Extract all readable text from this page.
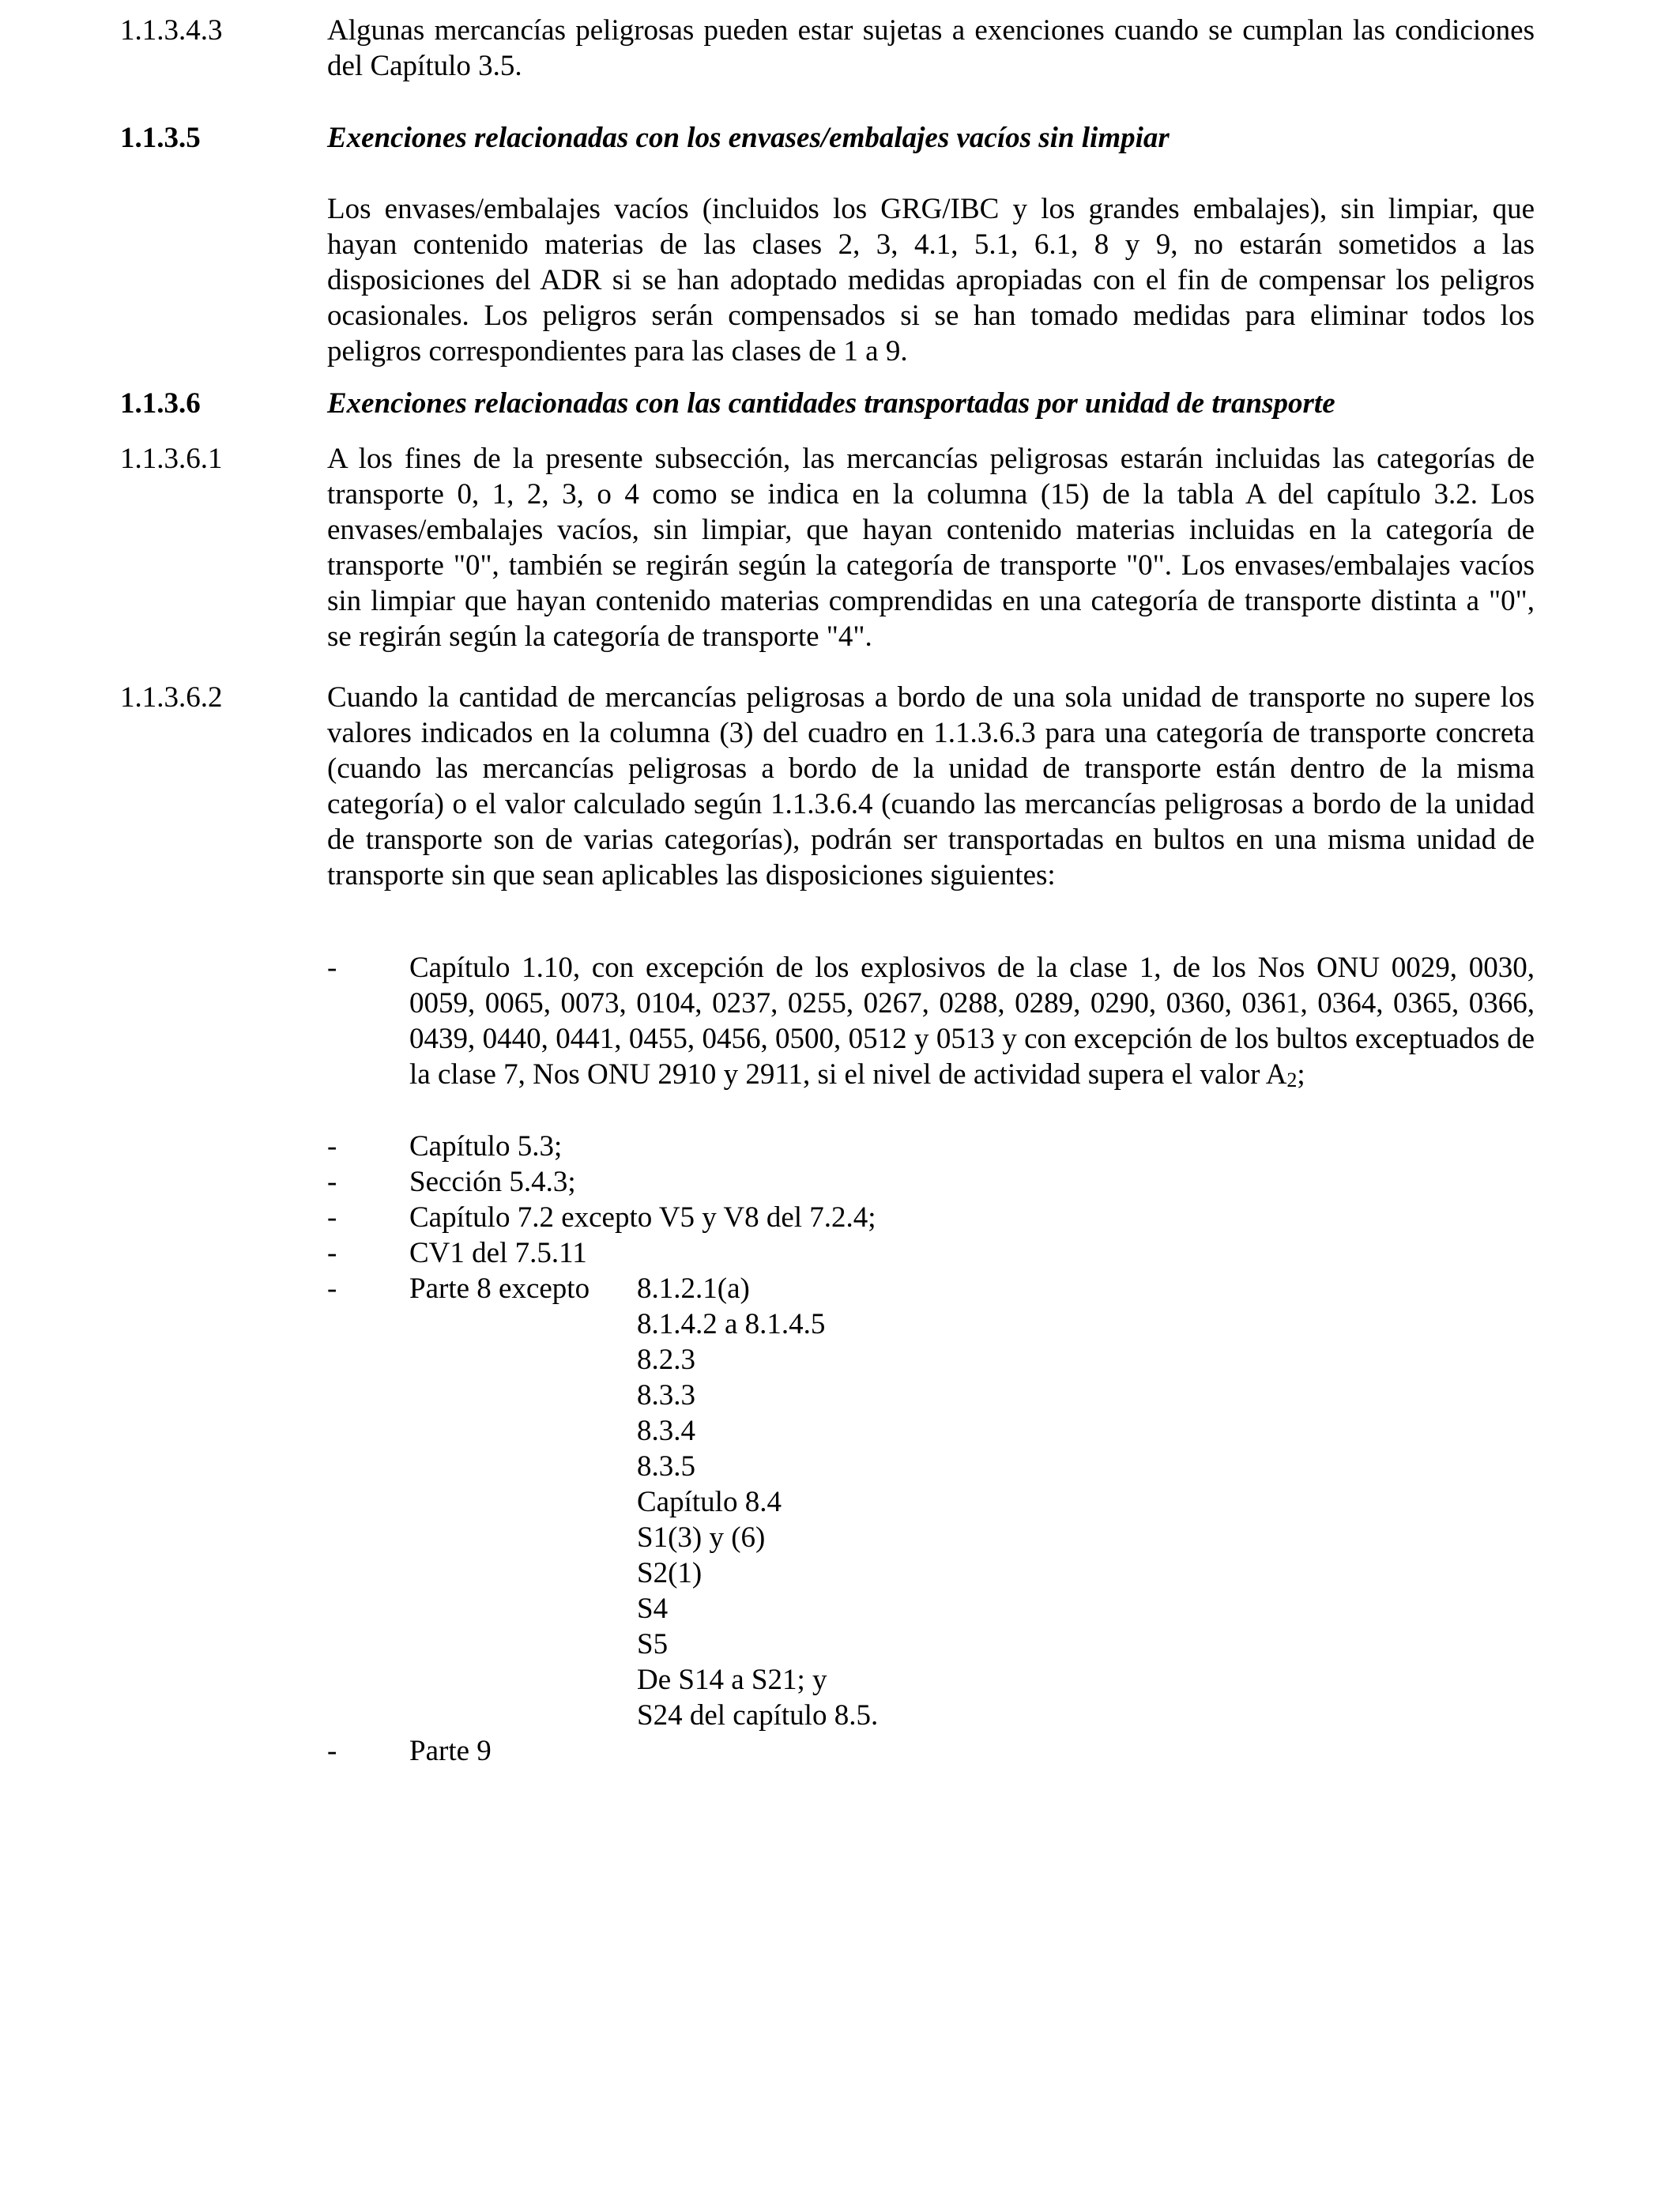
1.1.3.4.3	Algunas mercancías peligrosas pueden estar sujetas a exenciones cuando se cumplan las condiciones del Capítulo 3.5.
1.1.3.5	Exenciones relacionadas con los envases/embalajes vacíos sin limpiar
Los envases/embalajes vacíos (incluidos los GRG/IBC y los grandes embalajes), sin limpiar, que hayan contenido materias de las clases 2, 3, 4.1, 5.1, 6.1, 8 y 9, no estarán sometidos a las disposiciones del ADR si se han adoptado medidas apropiadas con el fin de compensar los peligros ocasionales. Los peligros serán compensados si se han tomado medidas para eliminar todos los peligros correspondientes para las clases de 1 a 9.
1.1.3.6	Exenciones relacionadas con las cantidades transportadas por unidad de transporte
1.1.3.6.1	A los fines de la presente subsección, las mercancías peligrosas estarán incluidas las categorías de transporte 0, 1, 2, 3, o 4 como se indica en la columna (15) de la tabla A del capítulo 3.2. Los envases/embalajes vacíos, sin limpiar, que hayan contenido materias incluidas en la categoría de transporte "0", también se regirán según la categoría de transporte "0". Los envases/embalajes vacíos sin limpiar que hayan contenido materias comprendidas en una categoría de transporte distinta a "0", se regirán según la categoría de transporte "4".
1.1.3.6.2	Cuando la cantidad de mercancías peligrosas a bordo de una sola unidad de transporte no supere los valores indicados en la columna (3) del cuadro en 1.1.3.6.3 para una categoría de transporte concreta (cuando las mercancías peligrosas a bordo de la unidad de transporte están dentro de la misma categoría) o el valor calculado según 1.1.3.6.4 (cuando las mercancías peligrosas a bordo de la unidad de transporte son de varias categorías), podrán ser transportadas en bultos en una misma unidad de transporte sin que sean aplicables las disposiciones siguientes:
- Capítulo 1.10, con excepción de los explosivos de la clase 1, de los Nos ONU 0029, 0030, 0059, 0065, 0073, 0104, 0237, 0255, 0267, 0288, 0289, 0290, 0360, 0361, 0364, 0365, 0366, 0439, 0440, 0441, 0455, 0456, 0500, 0512 y 0513 y con excepción de los bultos exceptuados de la clase 7, Nos ONU 2910 y 2911, si el nivel de actividad supera el valor $A_2$;
- Capítulo 5.3;
- Sección 5.4.3;
- Capítulo 7.2 excepto V5 y V8 del 7.2.4;
- CV1 del 7.5.11
- Parte 8 excepto 8.1.2.1(a)
8.1.4.2 a 8.1.4.5
8.2.3
8.3.3
8.3.4
8.3.5
Capítulo 8.4
S1(3) y (6)
S2(1)
S4
S5
De S14 a S21; y
S24 del capítulo 8.5.
- Parte 9
